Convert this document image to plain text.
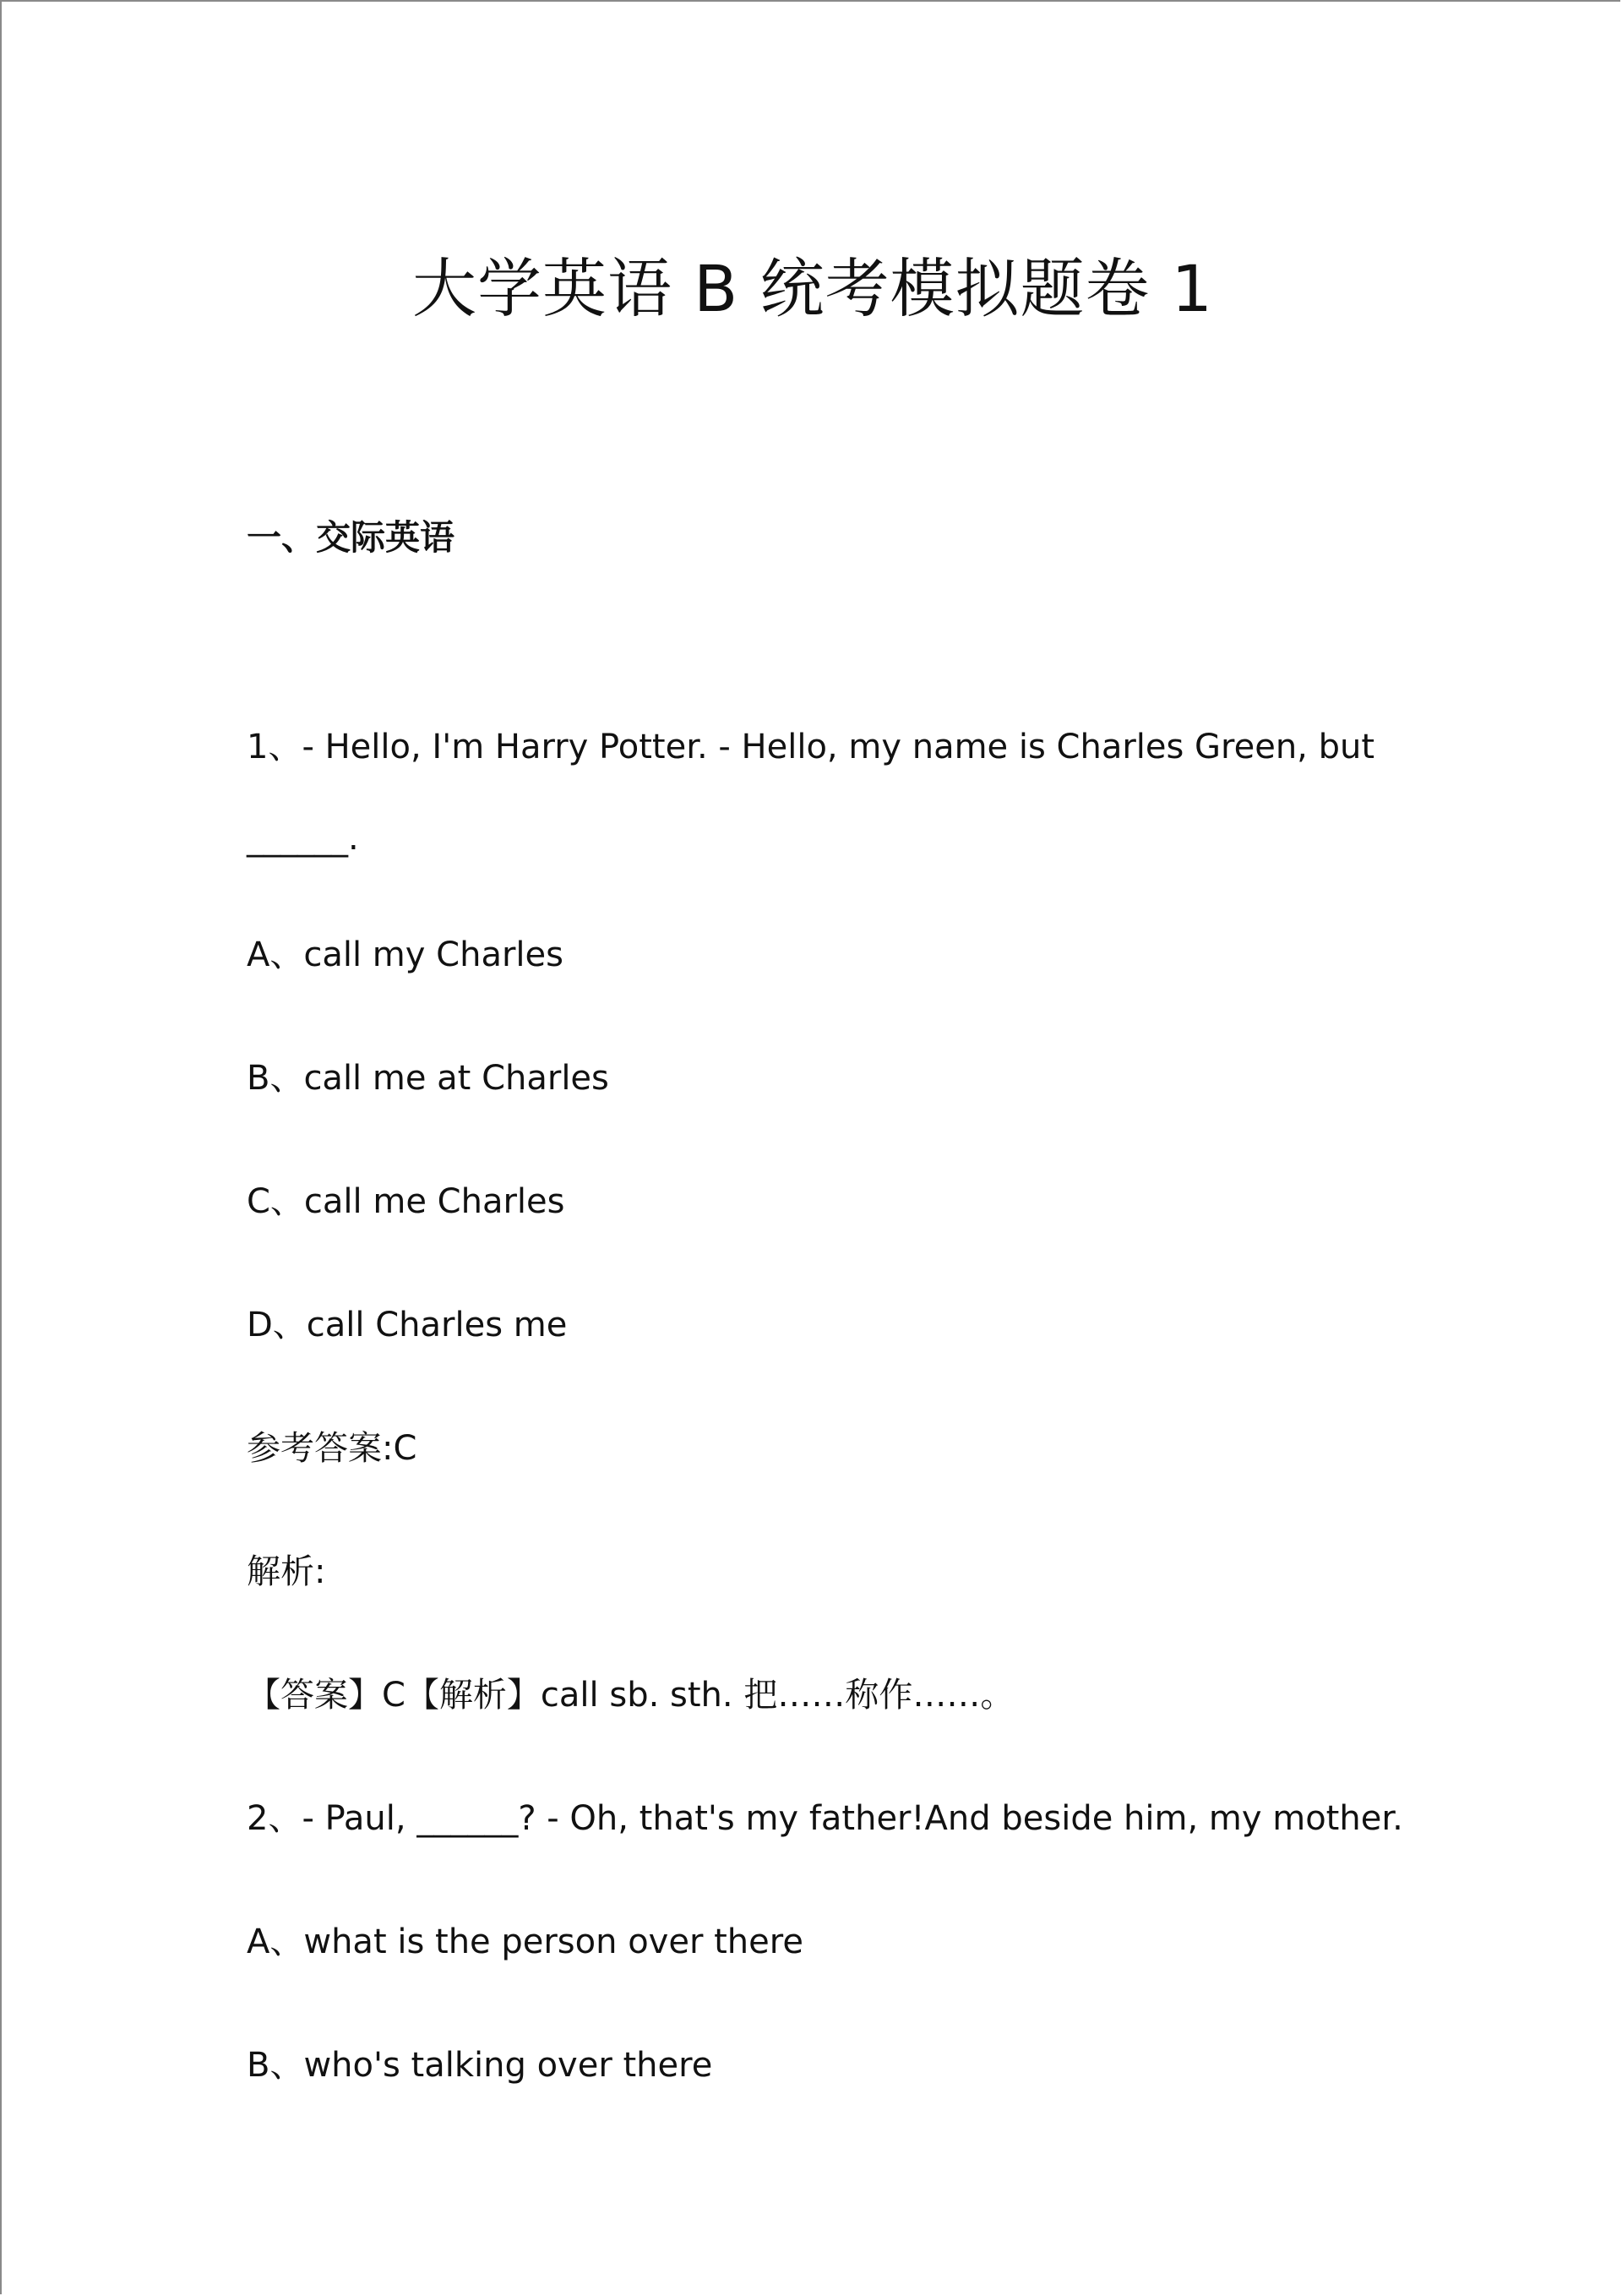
大学英语 B 统考模拟题卷 1
一、交际英语

1、- Hello, I'm Harry Potter. - Hello, my name is Charles Green, but

______.

A、call my Charles

B、call me at Charles

C、call me Charles

D、call Charles me

参考答案:C

解析:

【答案】C【解析】call sb. sth. 把……称作……。

2、- Paul, ______? - Oh, that's my father!And beside him, my mother.

A、what is the person over there

B、who's talking over there
